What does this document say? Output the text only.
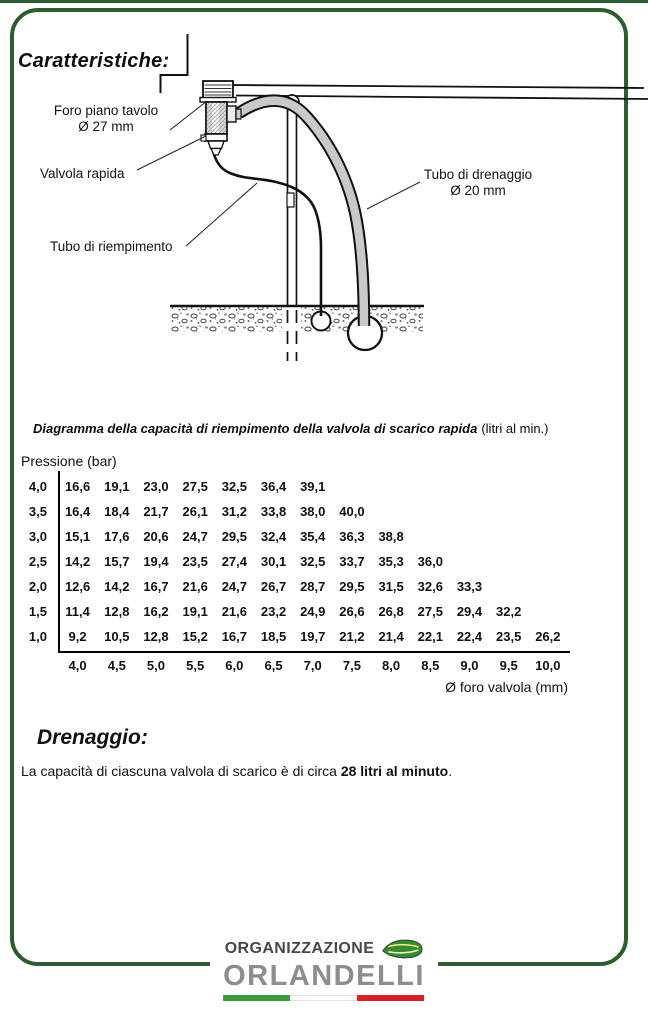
Caratteristiche:
Foro piano tavolo
Ø 27 mm
Valvola rapida
Tubo di riempimento
Tubo di drenaggio
Ø 20 mm
Diagramma della capacità di riempimento della valvola di scarico rapida (litri al min.)
Pressione (bar)
4,0	16,6	19,1	23,0	27,5	32,5	36,4	39,1
3,5	16,4	18,4	21,7	26,1	31,2	33,8	38,0	40,0
3,0	15,1	17,6	20,6	24,7	29,5	32,4	35,4	36,3	38,8
2,5	14,2	15,7	19,4	23,5	27,4	30,1	32,5	33,7	35,3	36,0
2,0	12,6	14,2	16,7	21,6	24,7	26,7	28,7	29,5	31,5	32,6	33,3
1,5	11,4	12,8	16,2	19,1	21,6	23,2	24,9	26,6	26,8	27,5	29,4	32,2
1,0	9,2	10,5	12,8	15,2	16,7	18,5	19,7	21,2	21,4	22,1	22,4	23,5	26,2
4,0	4,5	5,0	5,5	6,0	6,5	7,0	7,5	8,0	8,5	9,0	9,5	10,0
Ø foro valvola (mm)
Drenaggio:
La capacità di ciascuna valvola di scarico è di circa 28 litri al minuto.
ORGANIZZAZIONE
ORLANDELLI
